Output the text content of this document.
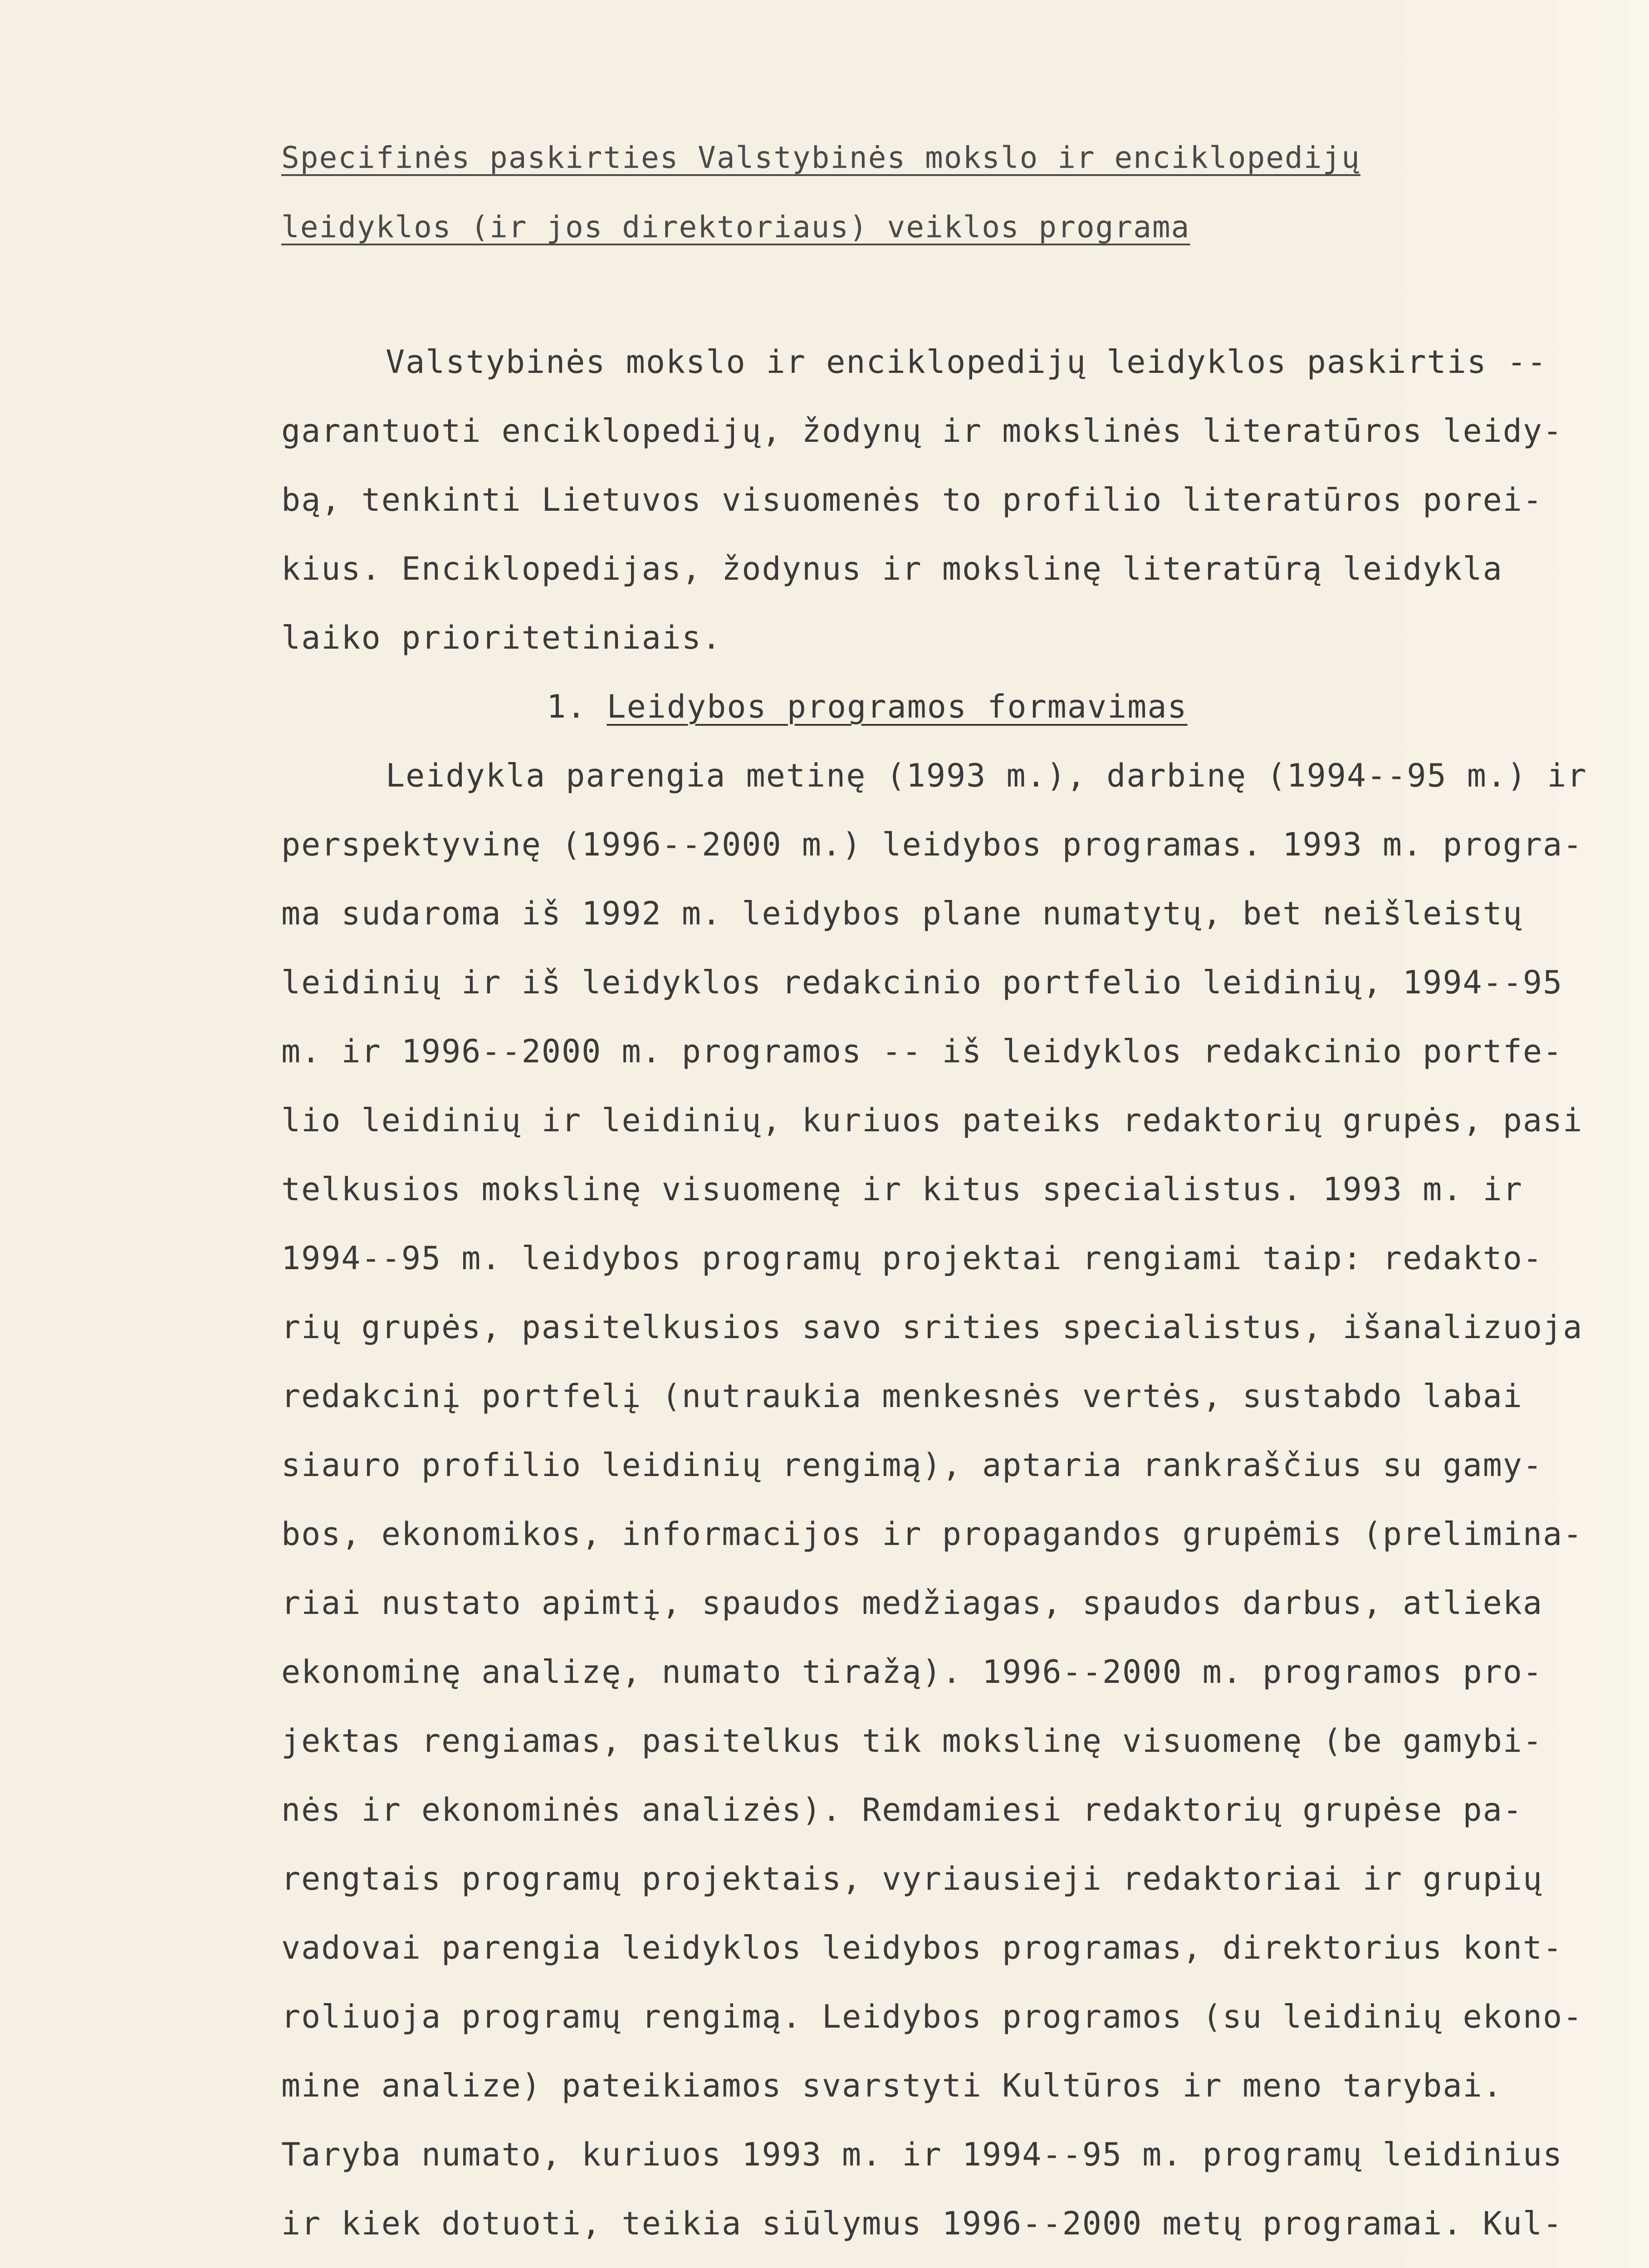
Specifinės paskirties Valstybinės mokslo ir enciklopedijų
leidyklos (ir jos direktoriaus) veiklos programa
Valstybinės mokslo ir enciklopedijų leidyklos paskirtis --
garantuoti enciklopedijų, žodynų ir mokslinės literatūros leidy-
bą, tenkinti Lietuvos visuomenės to profilio literatūros porei-
kius. Enciklopedijas, žodynus ir mokslinę literatūrą leidykla
laiko prioritetiniais.
1. Leidybos programos formavimas
Leidykla parengia metinę (1993 m.), darbinę (1994--95 m.) ir
perspektyvinę (1996--2000 m.) leidybos programas. 1993 m. progra-
ma sudaroma iš 1992 m. leidybos plane numatytų, bet neišleistų
leidinių ir iš leidyklos redakcinio portfelio leidinių, 1994--95
m. ir 1996--2000 m. programos -- iš leidyklos redakcinio portfe-
lio leidinių ir leidinių, kuriuos pateiks redaktorių grupės, pasi
telkusios mokslinę visuomenę ir kitus specialistus. 1993 m. ir
1994--95 m. leidybos programų projektai rengiami taip: redakto-
rių grupės, pasitelkusios savo srities specialistus, išanalizuoja
redakcinį portfelį (nutraukia menkesnės vertės, sustabdo labai
siauro profilio leidinių rengimą), aptaria rankraščius su gamy-
bos, ekonomikos, informacijos ir propagandos grupėmis (prelimina-
riai nustato apimtį, spaudos medžiagas, spaudos darbus, atlieka
ekonominę analizę, numato tiražą). 1996--2000 m. programos pro-
jektas rengiamas, pasitelkus tik mokslinę visuomenę (be gamybi-
nės ir ekonominės analizės). Remdamiesi redaktorių grupėse pa-
rengtais programų projektais, vyriausieji redaktoriai ir grupių
vadovai parengia leidyklos leidybos programas, direktorius kont-
roliuoja programų rengimą. Leidybos programos (su leidinių ekono-
mine analize) pateikiamos svarstyti Kultūros ir meno tarybai.
Taryba numato, kuriuos 1993 m. ir 1994--95 m. programų leidinius
ir kiek dotuoti, teikia siūlymus 1996--2000 metų programai. Kul-
